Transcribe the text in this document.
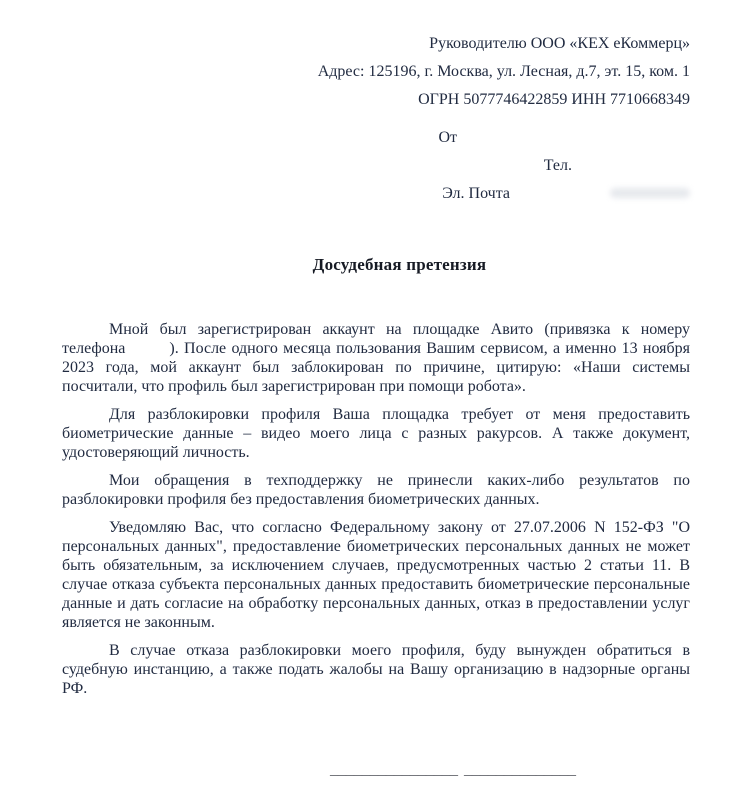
Руководителю ООО «КЕХ еКоммерц»
Адрес: 125196, г. Москва, ул. Лесная, д.7, эт. 15, ком. 1
ОГРН 5077746422859 ИНН 7710668349
От
Тел.
Эл. Почта
Досудебная претензия

Мной был зарегистрирован аккаунт на площадке Авито (привязка к номеру телефона	). После одного месяца пользования Вашим сервисом, а именно 13 ноября 2023 года, мой аккаунт был заблокирован по причине, цитирую: «Наши системы посчитали, что профиль был зарегистрирован при помощи робота».

Для разблокировки профиля Ваша площадка требует от меня предоставить биометрические данные – видео моего лица с разных ракурсов. А также документ, удостоверяющий личность.

Мои обращения в техподдержку не принесли каких-либо результатов по разблокировки профиля без предоставления биометрических данных.

Уведомляю Вас, что согласно Федеральному закону от 27.07.2006 N 152-ФЗ "О персональных данных", предоставление биометрических персональных данных не может быть обязательным, за исключением случаев, предусмотренных частью 2 статьи 11. В случае отказа субъекта персональных данных предоставить биометрические персональные данные и дать согласие на обработку персональных данных, отказ в предоставлении услуг является не законным.

В случае отказа разблокировки моего профиля, буду вынужден обратиться в судебную инстанцию, а также подать жалобы на Вашу организацию в надзорные органы РФ.

________________ ______________
